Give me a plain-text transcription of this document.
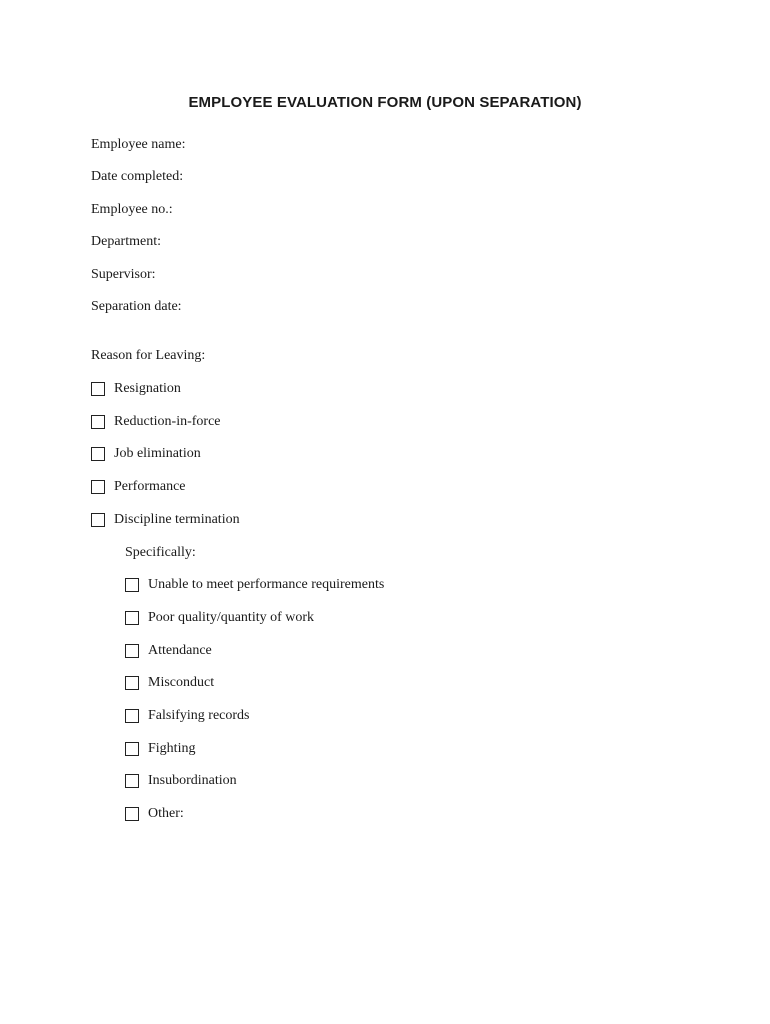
EMPLOYEE EVALUATION FORM (UPON SEPARATION)
Employee name:
Date completed:
Employee no.:
Department:
Supervisor:
Separation date:
Reason for Leaving:
Resignation
Reduction-in-force
Job elimination
Performance
Discipline termination
Specifically:
Unable to meet performance requirements
Poor quality/quantity of work
Attendance
Misconduct
Falsifying records
Fighting
Insubordination
Other:
